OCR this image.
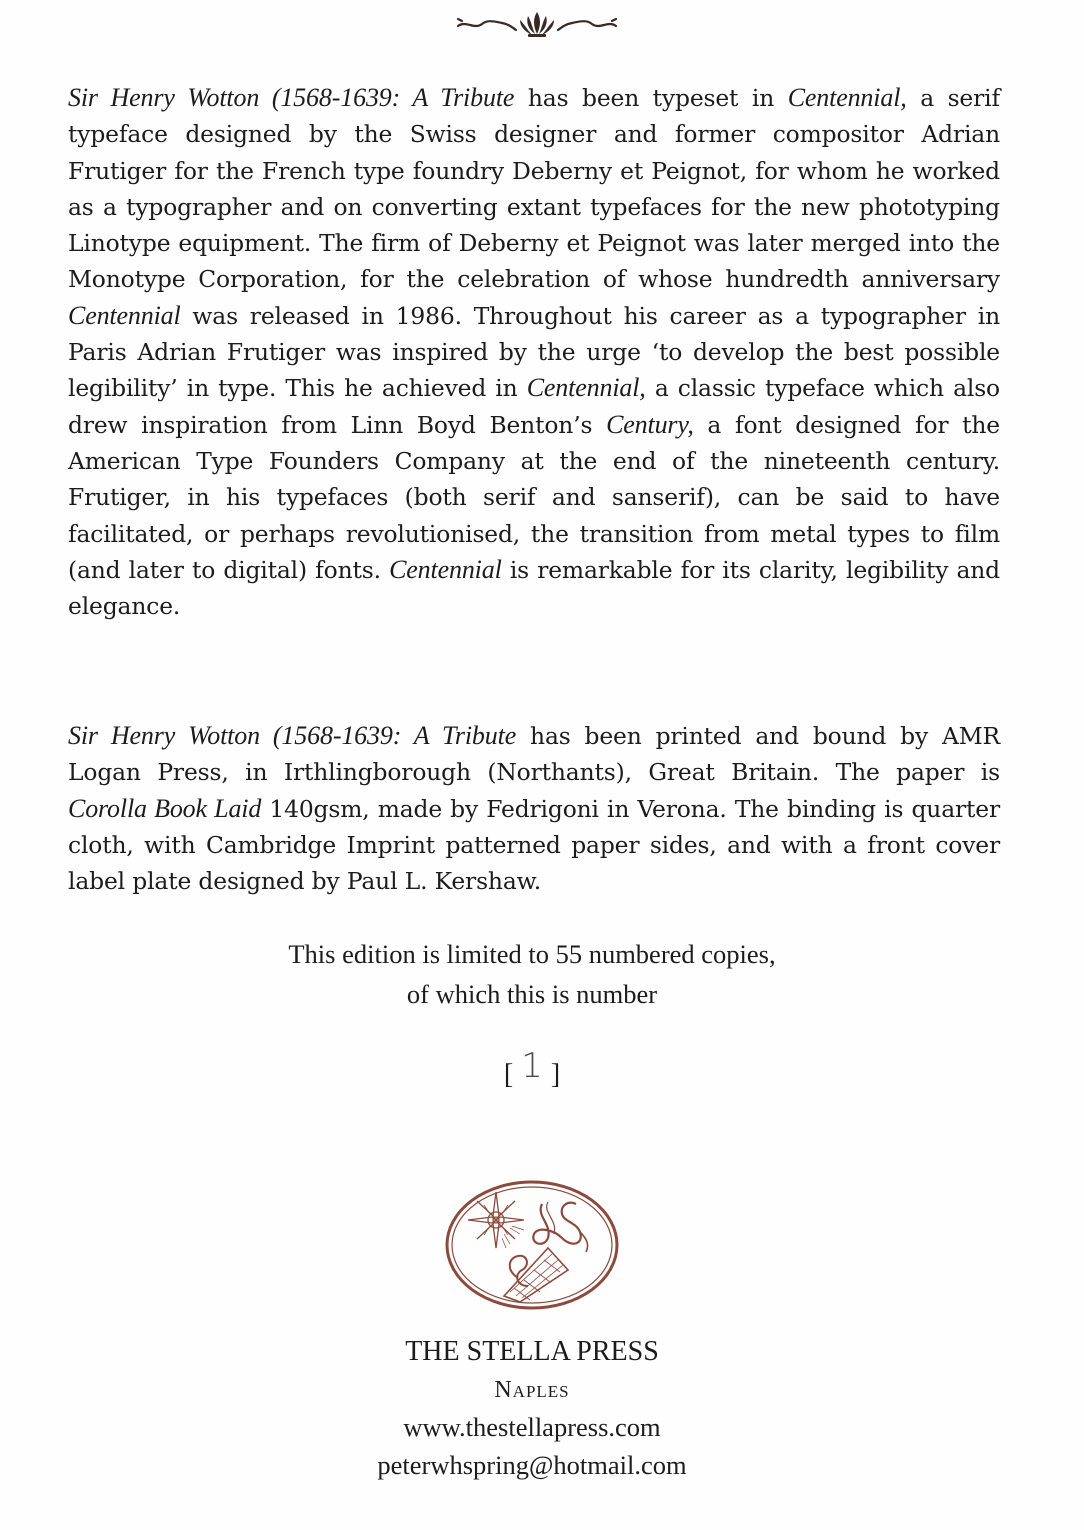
Sir Henry Wotton (1568-1639: A Tribute has been typeset in Centennial, a serif typeface designed by the Swiss designer and former compositor Adrian Frutiger for the French type foundry Deberny et Peignot, for whom he worked as a typographer and on converting extant typefaces for the new phototyping Linotype equipment. The firm of Deberny et Peignot was later merged into the Monotype Corporation, for the celebration of whose hundredth anniversary Centennial was released in 1986. Throughout his career as a typographer in Paris Adrian Frutiger was inspired by the urge ‘to develop the best possible legibility’ in type. This he achieved in Centennial, a classic typeface which also drew inspiration from Linn Boyd Benton’s Century, a font designed for the American Type Founders Company at the end of the nineteenth century. Frutiger, in his typefaces (both serif and sanserif), can be said to have facilitated, or perhaps revolutionised, the transition from metal types to film (and later to digital) fonts. Centennial is remarkable for its clarity, legibility and elegance.

Sir Henry Wotton (1568-1639: A Tribute has been printed and bound by AMR Logan Press, in Irthlingborough (Northants), Great Britain. The paper is Corolla Book Laid 140gsm, made by Fedrigoni in Verona. The binding is quarter cloth, with Cambridge Imprint patterned paper sides, and with a front cover label plate designed by Paul L. Kershaw.

This edition is limited to 55 numbered copies,
of which this is number
[ 1 ]
THE STELLA PRESS
Naples
www.thestellapress.com
peterwhspring@hotmail.com
